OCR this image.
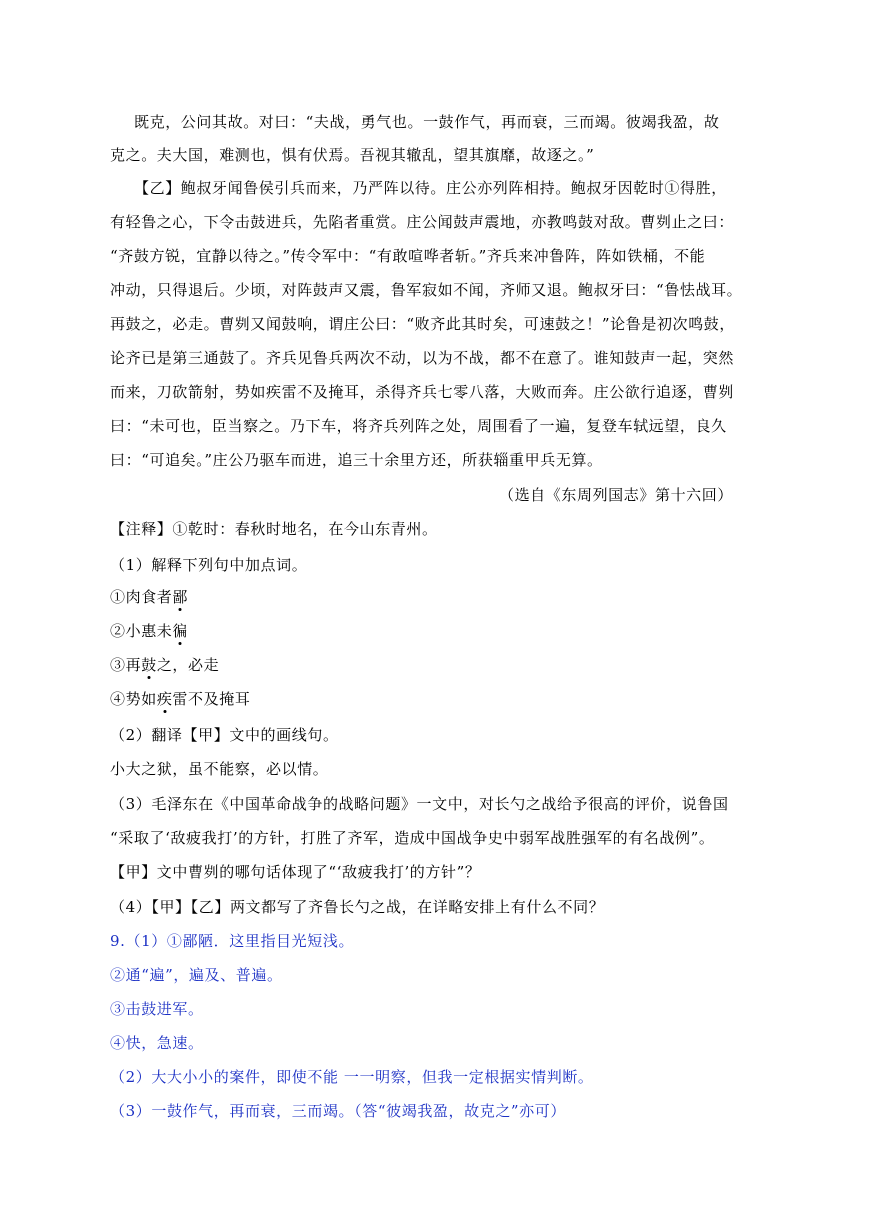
既克，公问其故。对曰：“夫战，勇气也。一鼓作气，再而衰，三而竭。彼竭我盈，故
克之。夫大国，难测也，惧有伏焉。吾视其辙乱，望其旗靡，故逐之。”
【乙】鲍叔牙闻鲁侯引兵而来，乃严阵以待。庄公亦列阵相持。鲍叔牙因乾时①得胜，
有轻鲁之心，下令击鼓进兵，先陷者重赏。庄公闻鼓声震地，亦教鸣鼓对敌。曹刿止之曰：
“齐鼓方锐，宜静以待之。”传令军中：“有敢喧哗者斩。”齐兵来冲鲁阵，阵如铁桶，不能
冲动，只得退后。少顷，对阵鼓声又震，鲁军寂如不闻，齐师又退。鲍叔牙曰：“鲁怯战耳。
再鼓之，必走。曹刿又闻鼓响，谓庄公曰：“败齐此其时矣，可速鼓之！”论鲁是初次鸣鼓，
论齐已是第三通鼓了。齐兵见鲁兵两次不动，以为不战，都不在意了。谁知鼓声一起，突然
而来，刀砍箭射，势如疾雷不及掩耳，杀得齐兵七零八落，大败而奔。庄公欲行追逐，曹刿
曰：“未可也，臣当察之。乃下车，将齐兵列阵之处，周围看了一遍，复登车轼远望，良久
曰：“可追矣。”庄公乃驱车而进，追三十余里方还，所获辎重甲兵无算。
（选自《东周列国志》第十六回）
【注释】①乾时：春秋时地名，在今山东青州。
（1）解释下列句中加点词。
①肉食者鄙
②小惠未徧
③再鼓之，必走
④势如疾雷不及掩耳
（2）翻译【甲】文中的画线句。
小大之狱，虽不能察，必以情。
（3）毛泽东在《中国革命战争的战略问题》一文中，对长勺之战给予很高的评价，说鲁国
“采取了‘敌疲我打’的方针，打胜了齐军，造成中国战争史中弱军战胜强军的有名战例”。
【甲】文中曹刿的哪句话体现了“‘敌疲我打’的方针”？
（4）【甲】【乙】两文都写了齐鲁长勺之战，在详略安排上有什么不同？
9.（1）①鄙陋．这里指目光短浅。
②通“遍”，遍及、普遍。
③击鼓进军。
④快，急速。
（2）大大小小的案件，即使不能 一一明察，但我一定根据实情判断。
（3）一鼓作气，再而衰，三而竭。（答“彼竭我盈，故克之”亦可）
